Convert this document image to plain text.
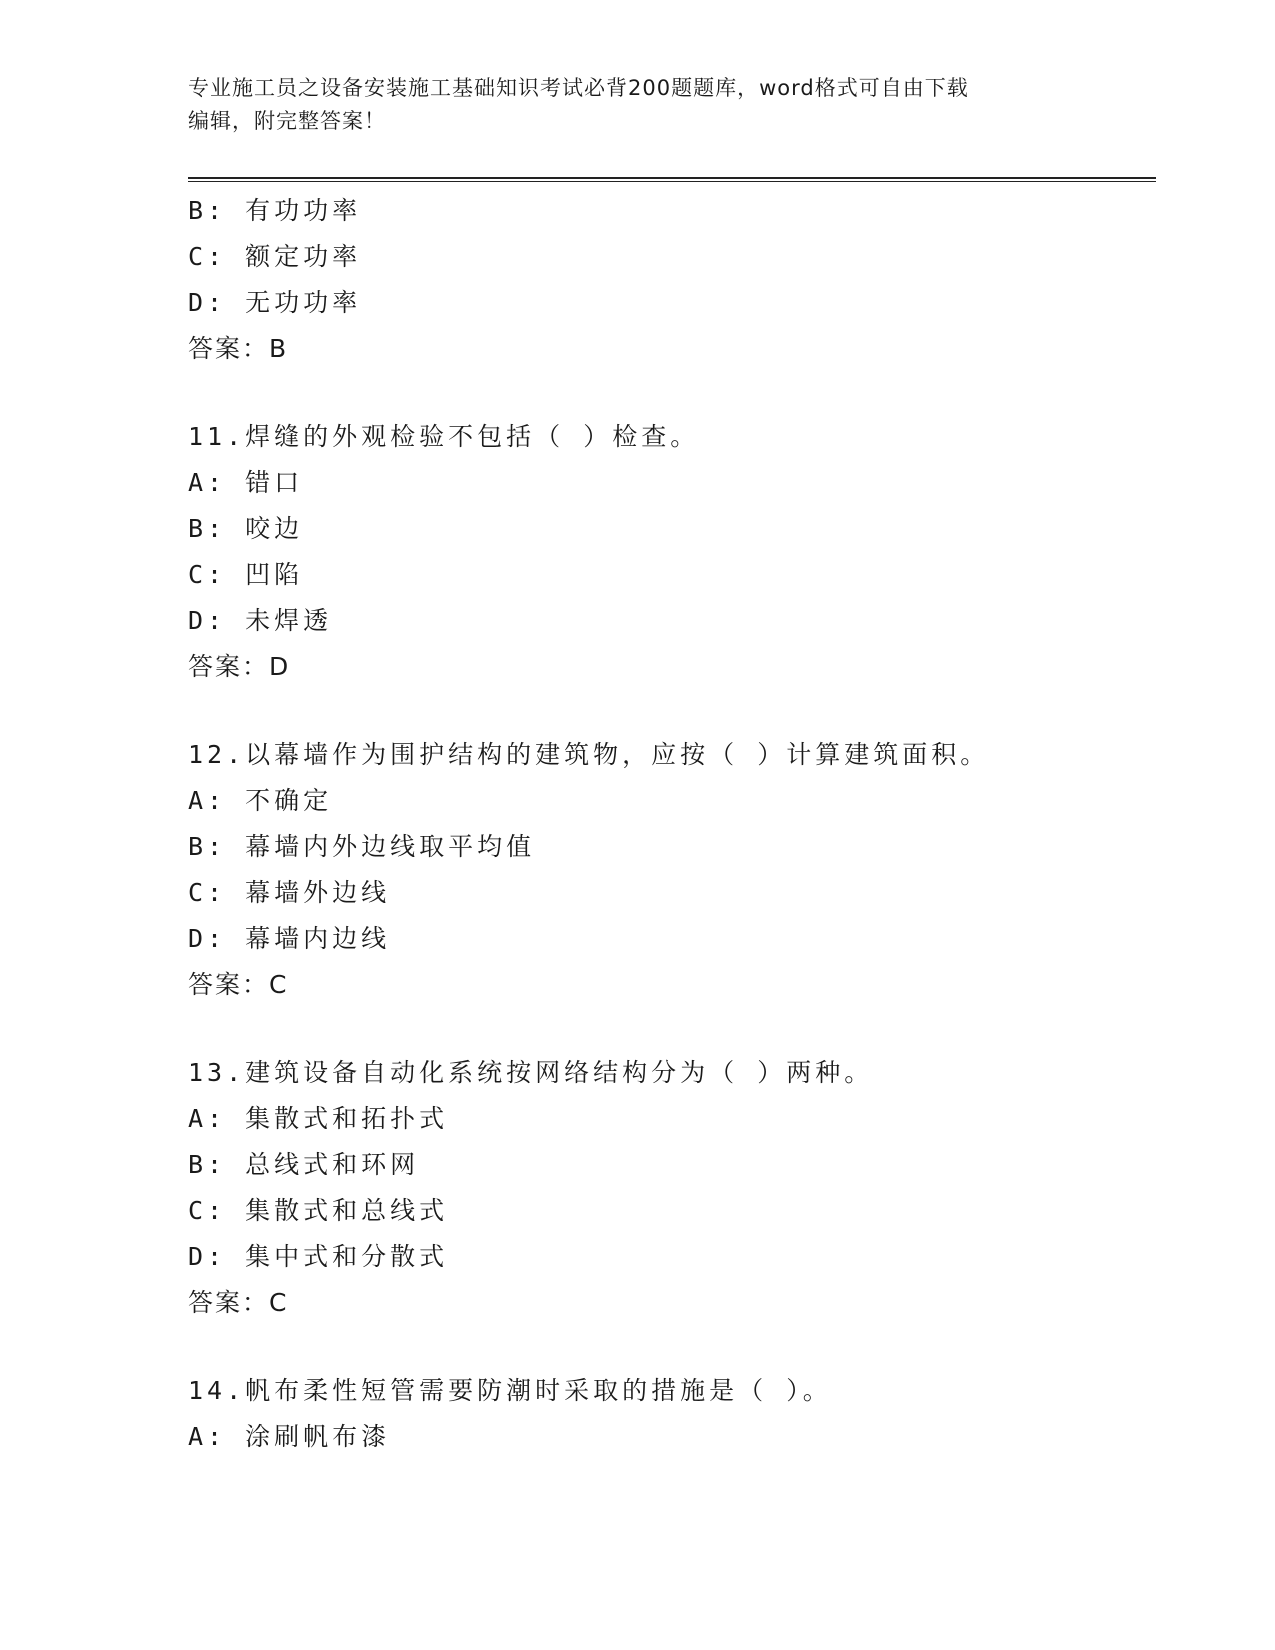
专业施工员之设备安装施工基础知识考试必背200题题库，word格式可自由下载
编辑，附完整答案！
B: 有功功率
C: 额定功率
D: 无功功率
答案：B
11.焊缝的外观检验不包括（ ）检查。
A: 错口
B: 咬边
C: 凹陷
D: 未焊透
答案：D
12.以幕墙作为围护结构的建筑物，应按（ ）计算建筑面积。
A: 不确定
B: 幕墙内外边线取平均值
C: 幕墙外边线
D: 幕墙内边线
答案：C
13.建筑设备自动化系统按网络结构分为（ ）两种。
A: 集散式和拓扑式
B: 总线式和环网
C: 集散式和总线式
D: 集中式和分散式
答案：C
14.帆布柔性短管需要防潮时采取的措施是（ ）。
A: 涂刷帆布漆
